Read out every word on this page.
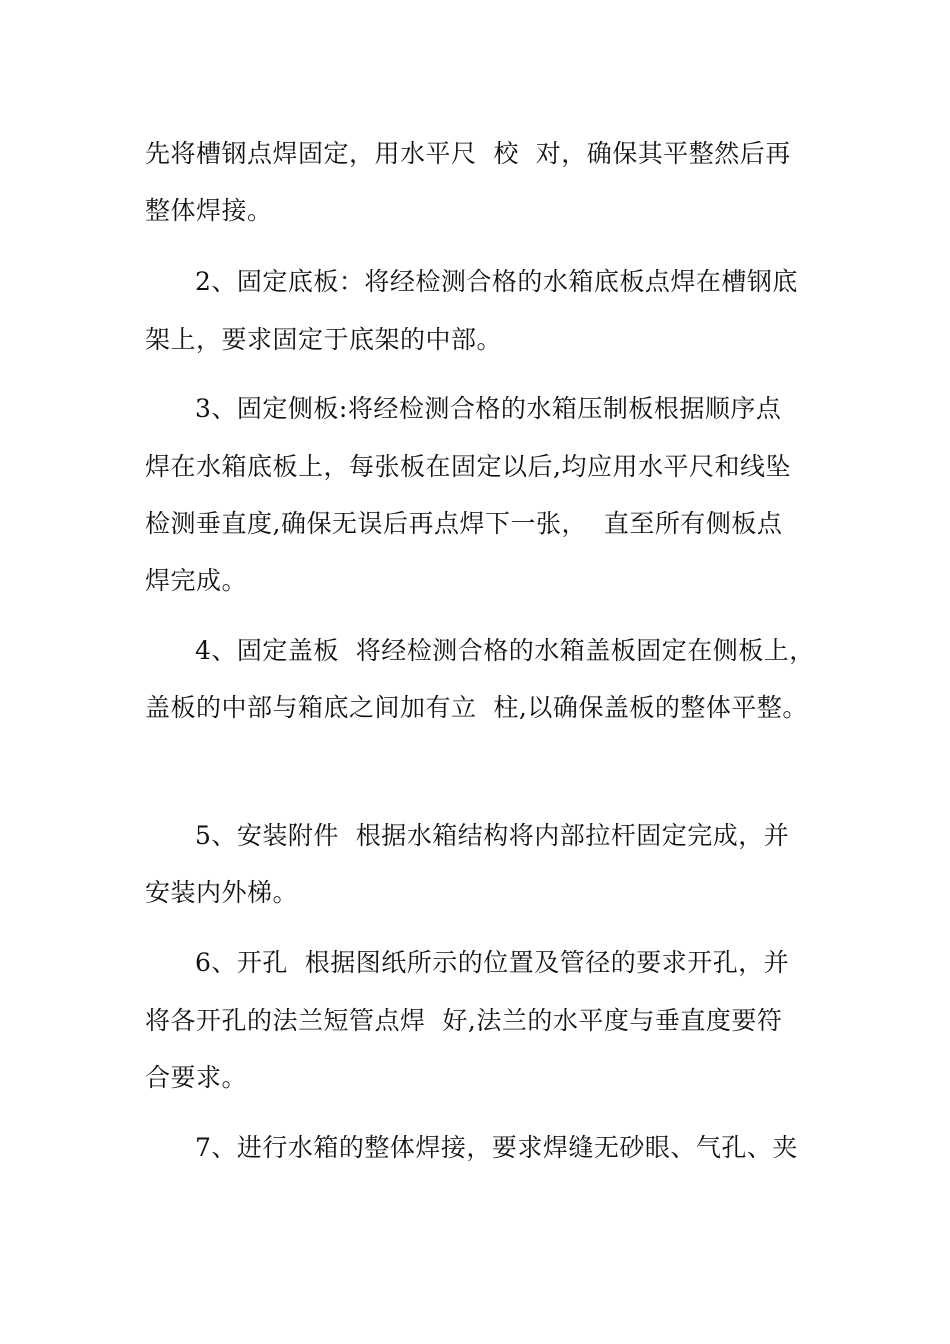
先将槽钢点焊固定，用水平尺  校  对，确保其平整然后再
整体焊接。
2、固定底板：将经检测合格的水箱底板点焊在槽钢底
架上，要求固定于底架的中部。
3、固定侧板:将经检测合格的水箱压制板根据顺序点
焊在水箱底板上，每张板在固定以后,均应用水平尺和线坠
检测垂直度,确保无误后再点焊下一张，  直至所有侧板点
焊完成。
4、固定盖板  将经检测合格的水箱盖板固定在侧板上，
盖板的中部与箱底之间加有立  柱,以确保盖板的整体平整。
5、安装附件  根据水箱结构将内部拉杆固定完成，并
安装内外梯。
6、开孔  根据图纸所示的位置及管径的要求开孔，并
将各开孔的法兰短管点焊  好,法兰的水平度与垂直度要符
合要求。
7、进行水箱的整体焊接，要求焊缝无砂眼、气孔、夹
